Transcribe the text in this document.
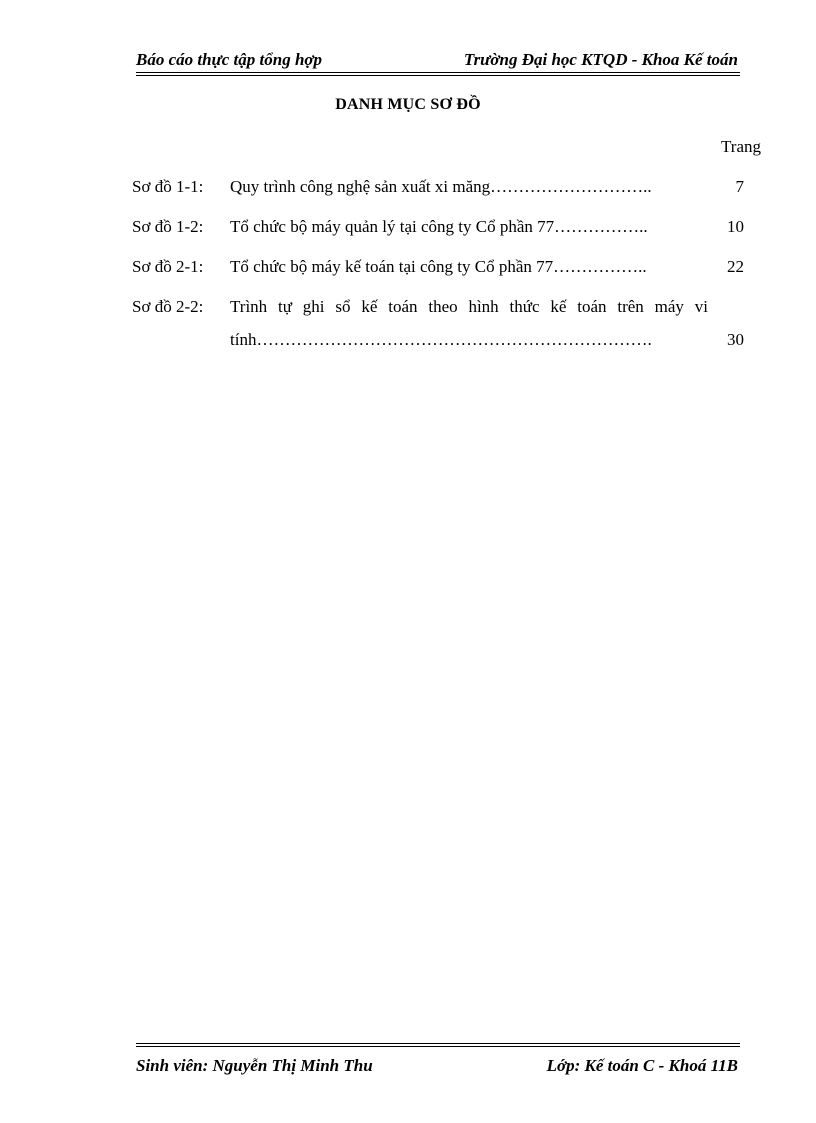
Báo cáo thực tập tổng hợp	Trường Đại học KTQD - Khoa Kế toán
DANH MỤC SƠ ĐỒ
Trang
Sơ đồ 1-1: Quy trình công nghệ sản xuất xi măng………………………..	7
Sơ đồ 1-2: Tổ chức bộ máy quản lý tại công ty Cổ phần 77……………..	10
Sơ đồ 2-1: Tổ chức bộ máy kế toán tại công ty Cổ phần 77……………..	22
Sơ đồ 2-2: Trình tự ghi sổ kế toán theo hình thức kế toán trên máy vi
tính…………………………………………………………….	30
Sinh viên: Nguyễn Thị Minh Thu	Lớp: Kế toán C - Khoá 11B
